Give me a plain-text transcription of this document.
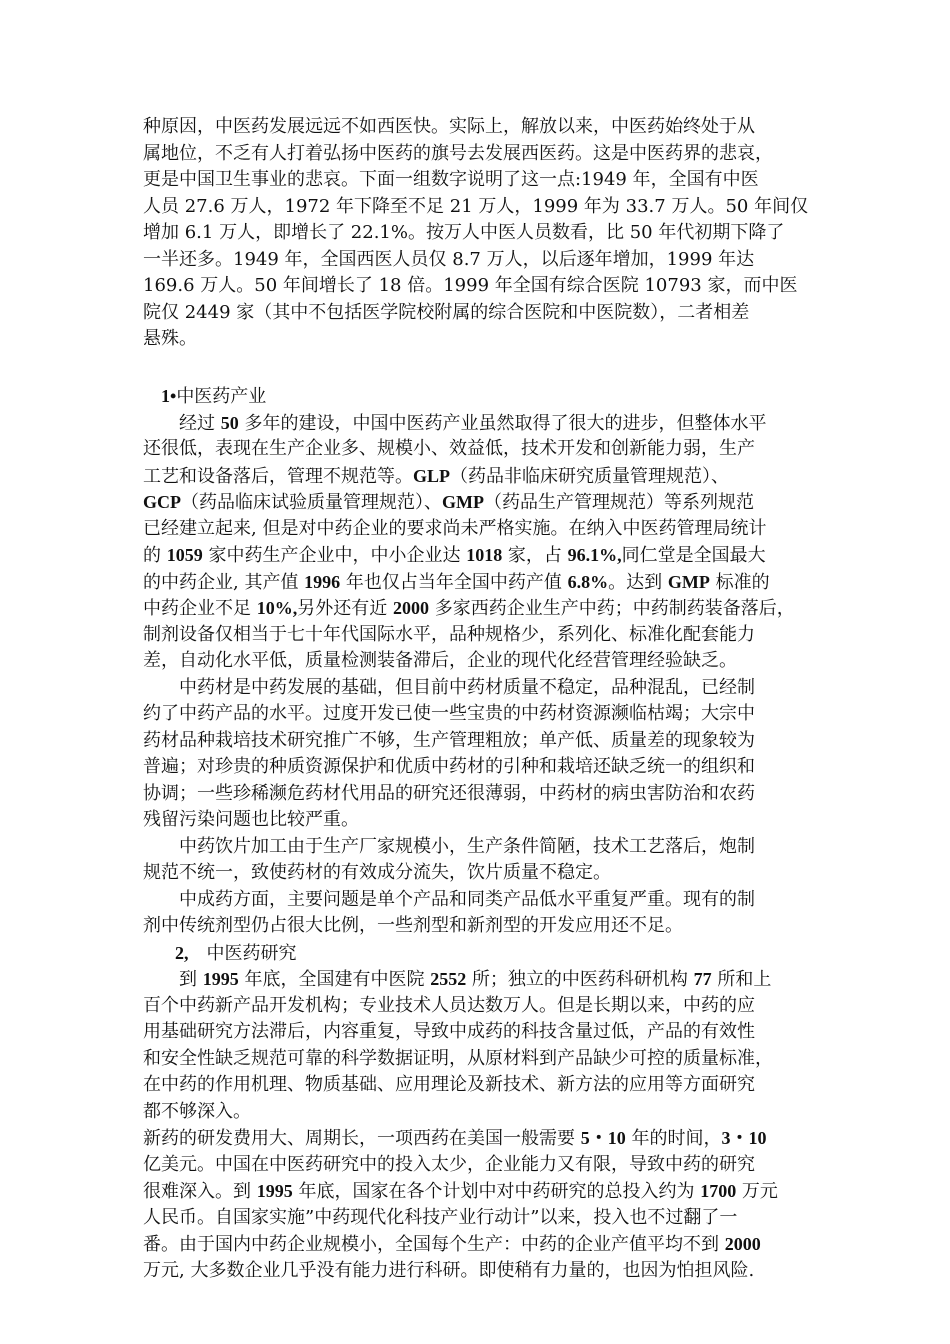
种原因，中医药发展远远不如西医快。实际上，解放以来，中医药始终处于从
属地位，不乏有人打着弘扬中医药的旗号去发展西医药。这是中医药界的悲哀，
更是中国卫生事业的悲哀。下面一组数字说明了这一点:1949 年，全国有中医
人员 27.6 万人，1972 年下降至不足 21 万人，1999 年为 33.7 万人。50 年间仅
增加 6.1 万人，即增长了 22.1%。按万人中医人员数看，比 50 年代初期下降了
一半还多。1949 年，全国西医人员仅 8.7 万人，以后逐年增加，1999 年达
169.6 万人。50 年间增长了 18 倍。1999 年全国有综合医院 10793 家，而中医
院仅 2449 家（其中不包括医学院校附属的综合医院和中医院数），二者相差
悬殊。
1•中医药产业
经过 50 多年的建设，中国中医药产业虽然取得了很大的进步，但整体水平
还很低，表现在生产企业多、规模小、效益低，技术开发和创新能力弱，生产
工艺和设备落后，管理不规范等。GLP（药品非临床研究质量管理规范）、
GCP（药品临床试验质量管理规范）、GMP（药品生产管理规范）等系列规范
已经建立起来, 但是对中药企业的要求尚未严格实施。在纳入中医药管理局统计
的 1059 家中药生产企业中，中小企业达 1018 家，占 96.1%,同仁堂是全国最大
的中药企业, 其产值 1996 年也仅占当年全国中药产值 6.8%。达到 GMP 标准的
中药企业不足 10%,另外还有近 2000 多家西药企业生产中药；中药制药装备落后，
制剂设备仅相当于七十年代国际水平，品种规格少，系列化、标准化配套能力
差，自动化水平低，质量检测装备滞后，企业的现代化经营管理经验缺乏。
中药材是中药发展的基础，但目前中药材质量不稳定，品种混乱，已经制
约了中药产品的水平。过度开发已使一些宝贵的中药材资源濒临枯竭；大宗中
药材品种栽培技术研究推广不够，生产管理粗放；单产低、质量差的现象较为
普遍；对珍贵的种质资源保护和优质中药材的引种和栽培还缺乏统一的组织和
协调；一些珍稀濒危药材代用品的研究还很薄弱，中药材的病虫害防治和农药
残留污染问题也比较严重。
中药饮片加工由于生产厂家规模小，生产条件简陋，技术工艺落后，炮制
规范不统一，致使药材的有效成分流失，饮片质量不稳定。
中成药方面，主要问题是单个产品和同类产品低水平重复严重。现有的制
剂中传统剂型仍占很大比例，一些剂型和新剂型的开发应用还不足。
2, 中医药研究
到 1995 年底，全国建有中医院 2552 所；独立的中医药科研机构 77 所和上
百个中药新产品开发机构；专业技术人员达数万人。但是长期以来，中药的应
用基础研究方法滞后，内容重复，导致中成药的科技含量过低，产品的有效性
和安全性缺乏规范可靠的科学数据证明，从原材料到产品缺少可控的质量标准，
在中药的作用机理、物质基础、应用理论及新技术、新方法的应用等方面研究
都不够深入。
新药的研发费用大、周期长，一项西药在美国一般需要 5・10 年的时间，3・10
亿美元。中国在中医药研究中的投入太少，企业能力又有限，导致中药的研究
很难深入。到 1995 年底，国家在各个计划中对中药研究的总投入约为 1700 万元
人民币。自国家实施”中药现代化科技产业行动计”以来，投入也不过翻了一
番。由于国内中药企业规模小，全国每个生产：中药的企业产值平均不到 2000
万元, 大多数企业几乎没有能力进行科研。即使稍有力量的，也因为怕担风险.
